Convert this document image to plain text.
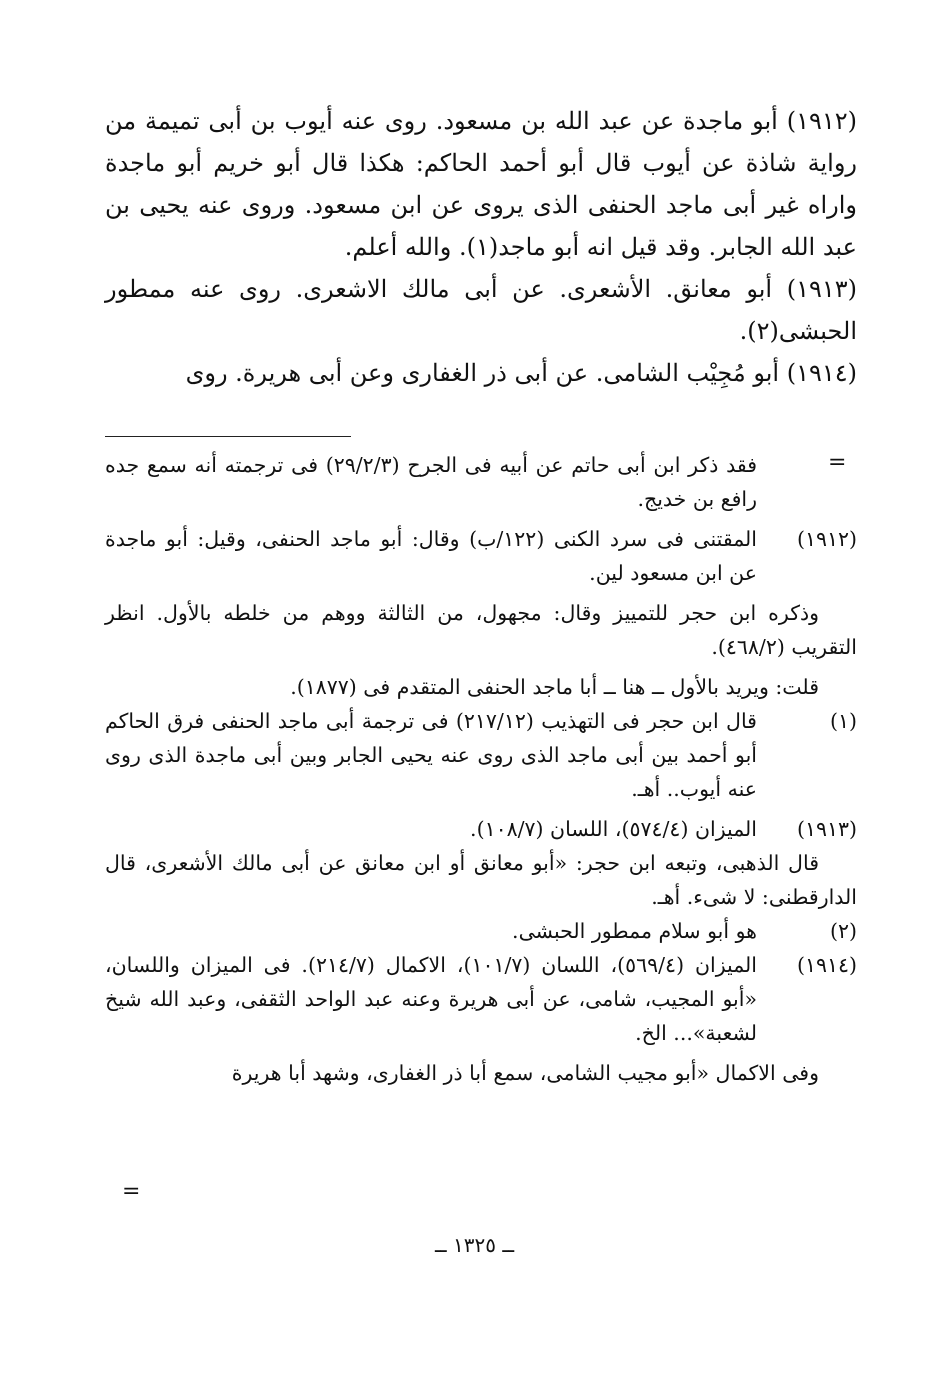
(١٩١٢) أبو ماجدة عن عبد الله بن مسعود. روى عنه أيوب بن أبى تميمة من رواية شاذة عن أيوب قال أبو أحمد الحاكم: هكذا قال أبو خريم أبو ماجدة واراه غير أبى ماجد الحنفى الذى يروى عن ابن مسعود. وروى عنه يحيى بن عبد الله الجابر. وقد قيل انه أبو ماجد(١). والله أعلم.

(١٩١٣) أبو معانق. الأشعرى. عن أبى مالك الاشعرى. روى عنه ممطور الحبشى(٢).

(١٩١٤) أبو مُجِيْب الشامى. عن أبى ذر الغفارى وعن أبى هريرة. روى

=
فقد ذكر ابن أبى حاتم عن أبيه فى الجرح (٢٩/٢/٣) فى ترجمته أنه سمع جده رافع بن خديج.
(١٩١٢)
المقتنى فى سرد الكنى (١٢٢/ب) وقال: أبو ماجد الحنفى، وقيل: أبو ماجدة عن ابن مسعود لين.
وذكره ابن حجر للتمييز وقال: مجهول، من الثالثة ووهم من خلطه بالأول. انظر التقريب (٤٦٨/٢).
قلت: ويريد بالأول ــ هنا ــ أبا ماجد الحنفى المتقدم فى (١٨٧٧).
(١)
قال ابن حجر فى التهذيب (٢١٧/١٢) فى ترجمة أبى ماجد الحنفى فرق الحاكم أبو أحمد بين أبى ماجد الذى روى عنه يحيى الجابر وبين أبى ماجدة الذى روى عنه أيوب.. أهـ.
(١٩١٣)
الميزان (٥٧٤/٤)، اللسان (١٠٨/٧).
قال الذهبى، وتبعه ابن حجر: «أبو معانق أو ابن معانق عن أبى مالك الأشعرى، قال الدارقطنى: لا شىء. أهـ.
(٢)
هو أبو سلام ممطور الحبشى.
(١٩١٤)
الميزان (٥٦٩/٤)، اللسان (١٠١/٧)، الاكمال (٢١٤/٧). فى الميزان واللسان، «أبو المجيب، شامى، عن أبى هريرة وعنه عبد الواحد الثقفى، وعبد الله شيخ لشعبة»... الخ.
وفى الاكمال «أبو مجيب الشامى، سمع أبا ذر الغفارى، وشهد أبا هريرة
=
ــ ١٣٢٥ ــ
